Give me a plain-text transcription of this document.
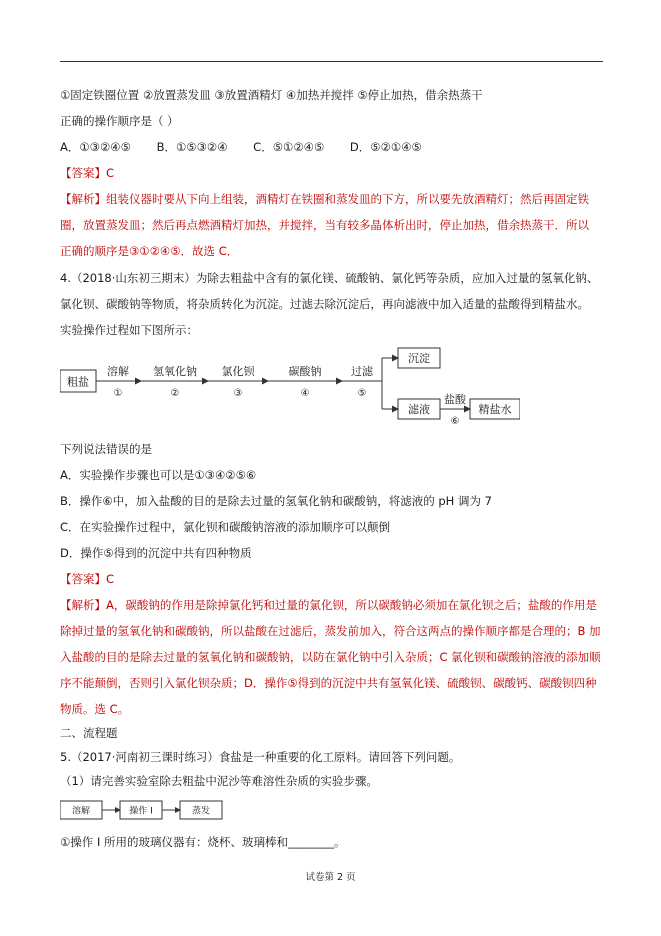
①固定铁圈位置 ②放置蒸发皿 ③放置酒精灯 ④加热并搅拌 ⑤停止加热，借余热蒸干
正确的操作顺序是（ ）
A．①③②④⑤ B．①⑤③②④ C．⑤①②④⑤ D．⑤②①④⑤
【答案】C
【解析】组装仪器时要从下向上组装，酒精灯在铁圈和蒸发皿的下方，所以要先放酒精灯；然后再固定铁
圈，放置蒸发皿；然后再点燃酒精灯加热，并搅拌，当有较多晶体析出时，停止加热，借余热蒸干．所以
正确的顺序是③①②④⑤．故选 C．
4.（2018·山东初三期末）为除去粗盐中含有的氯化镁、硫酸钠、氯化钙等杂质，应加入过量的氢氧化钠、
氯化钡、碳酸钠等物质，将杂质转化为沉淀。过滤去除沉淀后，再向滤液中加入适量的盐酸得到精盐水。
实验操作过程如下图所示：
粗盐
溶解
①
氢氧化钠
②
氯化钡
③
碳酸钠
④
过滤
⑤
沉淀
滤液
盐酸
⑥
精盐水
下列说法错误的是
A．实验操作步骤也可以是①③④②⑤⑥
B．操作⑥中，加入盐酸的目的是除去过量的氢氧化钠和碳酸钠，将滤液的 pH 调为 7
C．在实验操作过程中，氯化钡和碳酸钠溶液的添加顺序可以颠倒
D．操作⑤得到的沉淀中共有四种物质
【答案】C
【解析】A，碳酸钠的作用是除掉氯化钙和过量的氯化钡，所以碳酸钠必须加在氯化钡之后；盐酸的作用是
除掉过量的氢氧化钠和碳酸钠，所以盐酸在过滤后，蒸发前加入，符合这两点的操作顺序都是合理的；B 加
入盐酸的目的是除去过量的氢氧化钠和碳酸钠，以防在氯化钠中引入杂质；C 氯化钡和碳酸钠溶液的添加顺
序不能颠倒，否则引入氯化钡杂质；D．操作⑤得到的沉淀中共有氢氧化镁、硫酸钡、碳酸钙、碳酸钡四种
物质。选 C。
二、流程题
5.（2017·河南初三课时练习）食盐是一种重要的化工原料。请回答下列问题。
（1）请完善实验室除去粗盐中泥沙等难溶性杂质的实验步骤。
溶解	操作 I	蒸发
①操作 I 所用的玻璃仪器有：烧杯、玻璃棒和________。
试卷第 2 页
